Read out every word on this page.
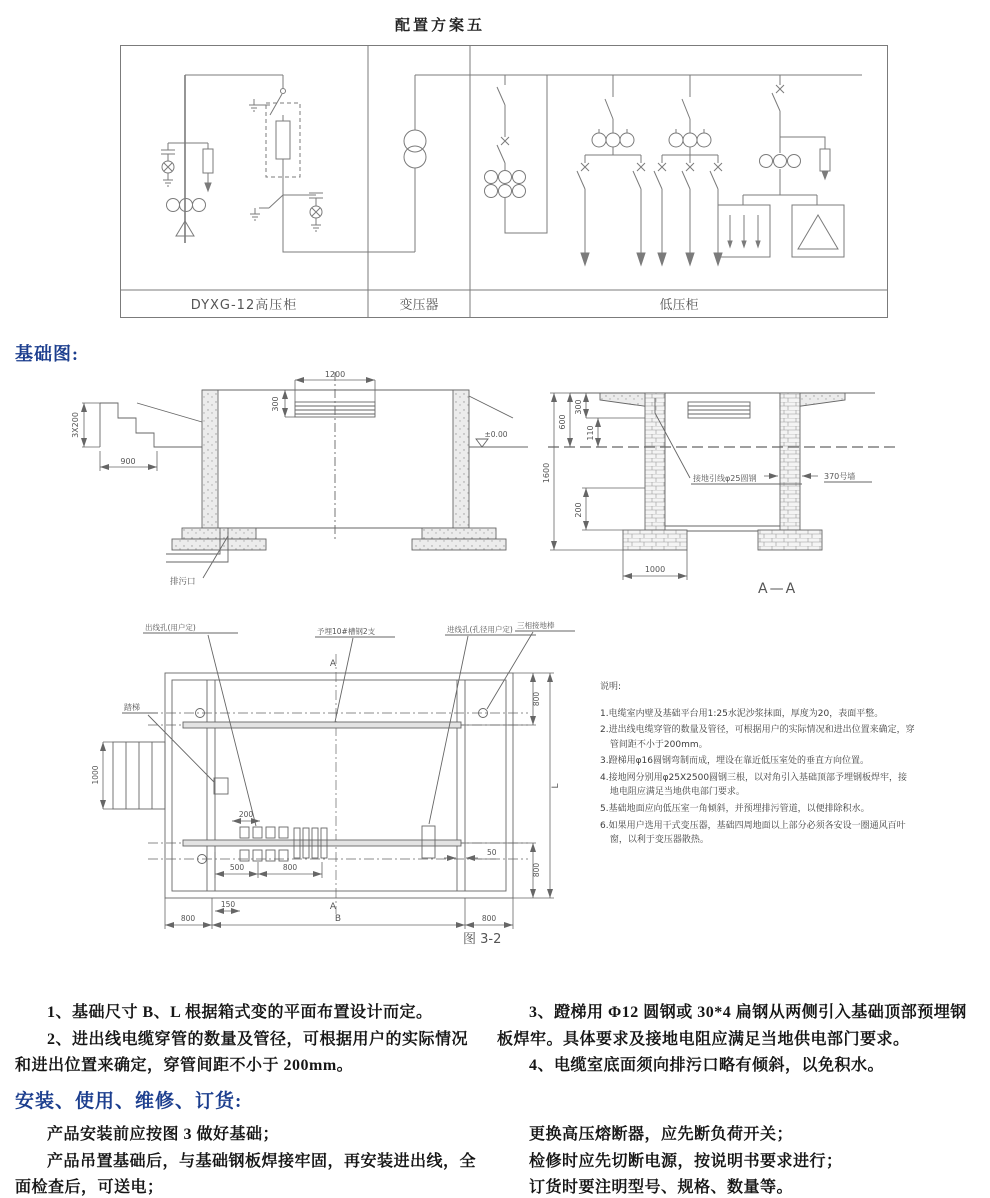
配置方案五
DYXG-12高压柜	变压器	低压柜
基础图:
1200
300
3X200
900
±0.00
排污口
1600
600
300
110
200
1000
接地引线φ25圆钢	370号墙
A—A
出线孔(用户定)	予埋10#槽钢2支	进线孔(孔径用户定) 三相接地棒
踏梯
1000
200
500	800
50
150
800	B	800
800
800
L
A
A
图 3-2
说明:

1.电缆室内壁及基础平台用1:25水泥沙浆抹面，厚度为20，表面平整。

2.进出线电缆穿管的数量及管径，可根据用户的实际情况和进出位置来确定，穿管间距不小于200mm。

3.蹬梯用φ16圆钢弯制而成，埋设在靠近低压室处的垂直方向位置。

4.接地网分别用φ25X2500圆钢三根，以对角引入基础顶部予埋钢板焊牢，接地电阻应满足当地供电部门要求。

5.基础地面应向低压室一角倾斜，并预埋排污管道，以便排除积水。

6.如果用户选用干式变压器，基础四周地面以上部分必须各安设一圈通风百叶窗，以利于变压器散热。

1、基础尺寸 B、L 根据箱式变的平面布置设计而定。

2、进出线电缆穿管的数量及管径，可根据用户的实际情况和进出位置来确定，穿管间距不小于 200mm。

3、蹬梯用 Φ12 圆钢或 30*4 扁钢从两侧引入基础顶部预埋钢板焊牢。具体要求及接地电阻应满足当地供电部门要求。

4、电缆室底面须向排污口略有倾斜，以免积水。

安装、使用、维修、订货:

产品安装前应按图 3 做好基础；

产品吊置基础后，与基础钢板焊接牢固，再安装进出线，全面检查后，可送电；

更换高压熔断器，应先断负荷开关；

检修时应先切断电源，按说明书要求进行；

订货时要注明型号、规格、数量等。
